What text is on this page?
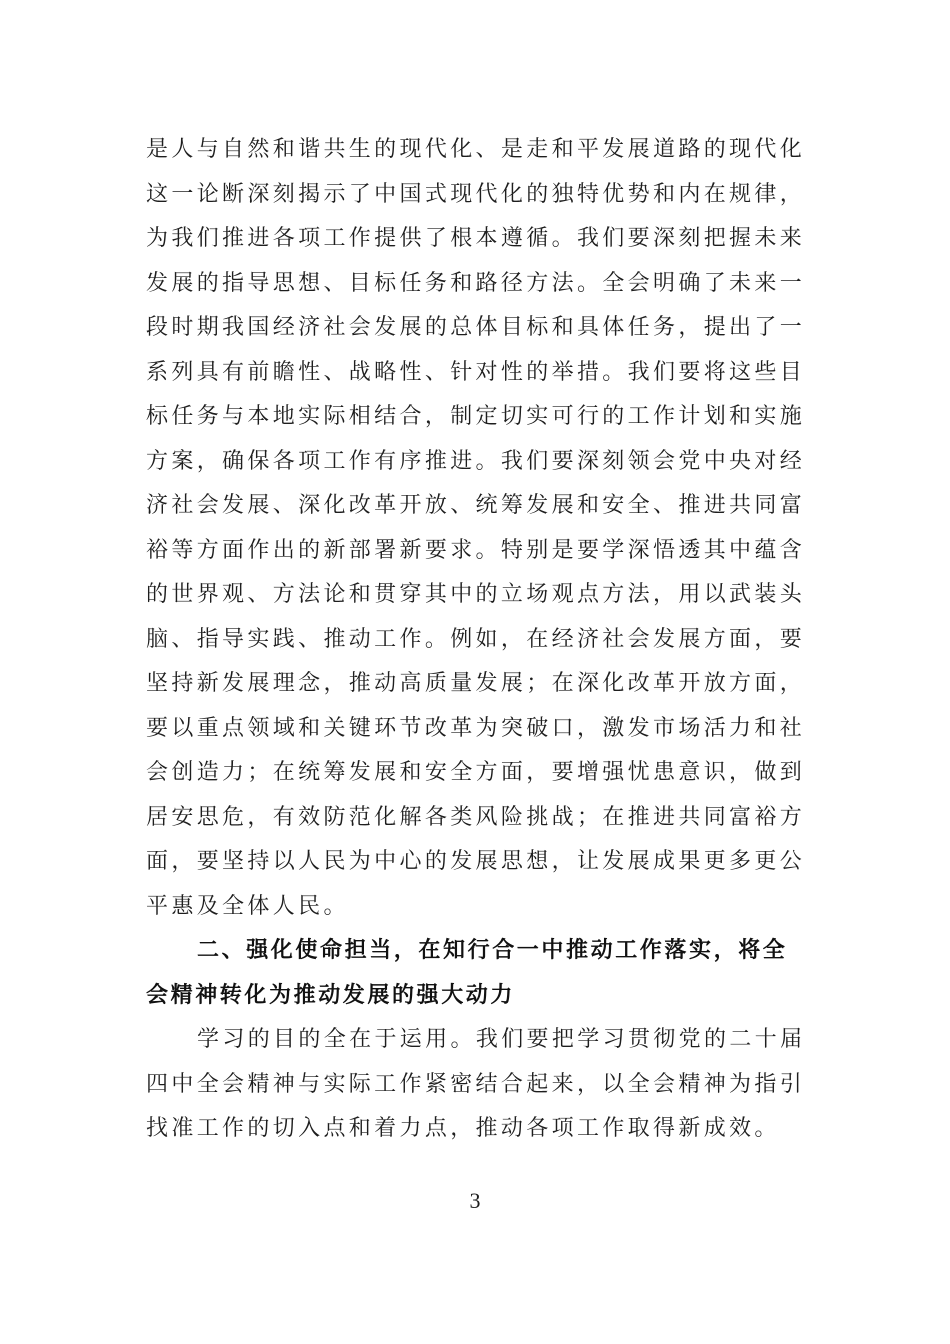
是人与自然和谐共生的现代化、是走和平发展道路的现代化
这一论断深刻揭示了中国式现代化的独特优势和内在规律，
为我们推进各项工作提供了根本遵循。我们要深刻把握未来
发展的指导思想、目标任务和路径方法。全会明确了未来一
段时期我国经济社会发展的总体目标和具体任务，提出了一
系列具有前瞻性、战略性、针对性的举措。我们要将这些目
标任务与本地实际相结合，制定切实可行的工作计划和实施
方案，确保各项工作有序推进。我们要深刻领会党中央对经
济社会发展、深化改革开放、统筹发展和安全、推进共同富
裕等方面作出的新部署新要求。特别是要学深悟透其中蕴含
的世界观、方法论和贯穿其中的立场观点方法，用以武装头
脑、指导实践、推动工作。例如，在经济社会发展方面，要
坚持新发展理念，推动高质量发展；在深化改革开放方面，
要以重点领域和关键环节改革为突破口，激发市场活力和社
会创造力；在统筹发展和安全方面，要增强忧患意识，做到
居安思危，有效防范化解各类风险挑战；在推进共同富裕方
面，要坚持以人民为中心的发展思想，让发展成果更多更公
平惠及全体人民。
二、强化使命担当，在知行合一中推动工作落实，将全
会精神转化为推动发展的强大动力
学习的目的全在于运用。我们要把学习贯彻党的二十届
四中全会精神与实际工作紧密结合起来，以全会精神为指引
找准工作的切入点和着力点，推动各项工作取得新成效。
3
